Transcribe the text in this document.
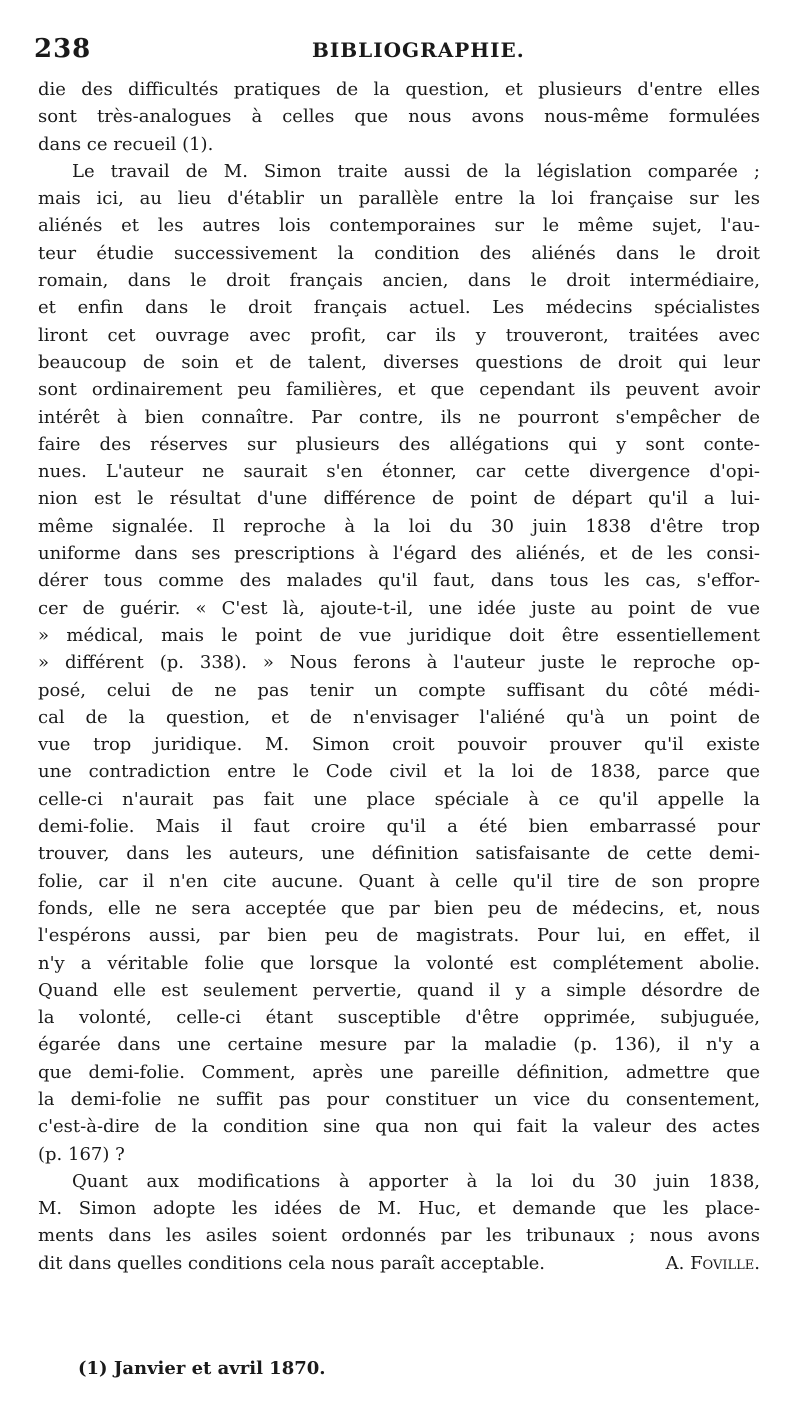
238	BIBLIOGRAPHIE.
die des difficultés pratiques de la question, et plusieurs d'entre elles
sont très-analogues à celles que nous avons nous-même formulées
dans ce recueil (1).
Le travail de M. Simon traite aussi de la législation comparée ;
mais ici, au lieu d'établir un parallèle entre la loi française sur les
aliénés et les autres lois contemporaines sur le même sujet, l'au-
teur étudie successivement la condition des aliénés dans le droit
romain, dans le droit français ancien, dans le droit intermédiaire,
et enfin dans le droit français actuel. Les médecins spécialistes
liront cet ouvrage avec profit, car ils y trouveront, traitées avec
beaucoup de soin et de talent, diverses questions de droit qui leur
sont ordinairement peu familières, et que cependant ils peuvent avoir
intérêt à bien connaître. Par contre, ils ne pourront s'empêcher de
faire des réserves sur plusieurs des allégations qui y sont conte-
nues. L'auteur ne saurait s'en étonner, car cette divergence d'opi-
nion est le résultat d'une différence de point de départ qu'il a lui-
même signalée. Il reproche à la loi du 30 juin 1838 d'être trop
uniforme dans ses prescriptions à l'égard des aliénés, et de les consi-
dérer tous comme des malades qu'il faut, dans tous les cas, s'effor-
cer de guérir. « C'est là, ajoute-t-il, une idée juste au point de vue
» médical, mais le point de vue juridique doit être essentiellement
» différent (p. 338). » Nous ferons à l'auteur juste le reproche op-
posé, celui de ne pas tenir un compte suffisant du côté médi-
cal de la question, et de n'envisager l'aliéné qu'à un point de
vue trop juridique. M. Simon croit pouvoir prouver qu'il existe
une contradiction entre le Code civil et la loi de 1838, parce que
celle-ci n'aurait pas fait une place spéciale à ce qu'il appelle la
demi-folie. Mais il faut croire qu'il a été bien embarrassé pour
trouver, dans les auteurs, une définition satisfaisante de cette demi-
folie, car il n'en cite aucune. Quant à celle qu'il tire de son propre
fonds, elle ne sera acceptée que par bien peu de médecins, et, nous
l'espérons aussi, par bien peu de magistrats. Pour lui, en effet, il
n'y a véritable folie que lorsque la volonté est complétement abolie.
Quand elle est seulement pervertie, quand il y a simple désordre de
la volonté, celle-ci étant susceptible d'être opprimée, subjuguée,
égarée dans une certaine mesure par la maladie (p. 136), il n'y a
que demi-folie. Comment, après une pareille définition, admettre que
la demi-folie ne suffit pas pour constituer un vice du consentement,
c'est-à-dire de la condition sine qua non qui fait la valeur des actes
(p. 167) ?
Quant aux modifications à apporter à la loi du 30 juin 1838,
M. Simon adopte les idées de M. Huc, et demande que les place-
ments dans les asiles soient ordonnés par les tribunaux ; nous avons
dit dans quelles conditions cela nous paraît acceptable.	A. Foville.
(1) Janvier et avril 1870.
